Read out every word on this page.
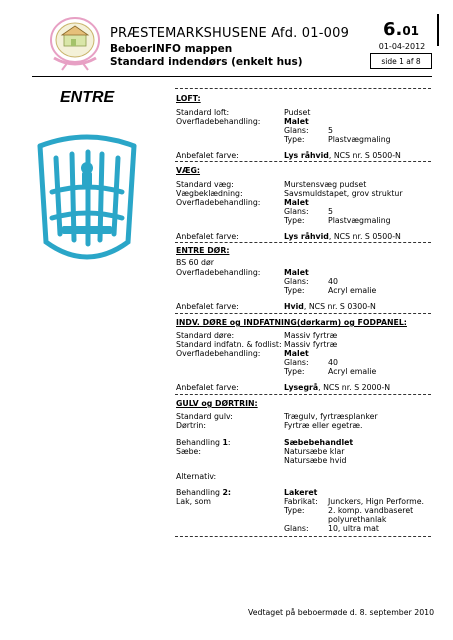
PRÆSTEMARKSHUSENE Afd. 01-009
BeboerINFO mappen
Standard indendørs (enkelt hus)
6.01
01-04-2012
side 1 af 8
ENTRE	LOFT:
Standard loft:	Pudset
Overfladebehandling:	Malet
Glans: 5
Type:	Plastvægmaling
Anbefalet farve:	Lys råhvid, NCS nr. S 0500-N
VÆG:
Standard væg:	Murstensvæg pudset
Vægbeklædning:	Savsmuldstapet, grov struktur
Overfladebehandling:	Malet
Glans: 5
Type:	Plastvægmaling
Anbefalet farve:	Lys råhvid, NCS nr. S 0500-N
ENTRE DØR:
BS 60 dør
Overfladebehandling:	Malet
Glans: 40
Type:	Acryl emalie
Anbefalet farve:	Hvid, NCS nr. S 0300-N
INDV. DØRE og INDFATNING(dørkarm) og FODPANEL:
Standard døre:	Massiv fyrtræ
Standard indfatn. & fodlist: Massiv fyrtræ
Overfladebehandling:	Malet
Glans: 40
Type:	Acryl emalie
Anbefalet farve:	Lysegrå, NCS nr. S 2000-N
GULV og DØRTRIN:
Standard gulv:	Trægulv, fyrtræsplanker
Dørtrin:	Fyrtræ eller egetræ.
Behandling 1:	Sæbebehandlet
Sæbe:	Natursæbe klar
Natursæbe hvid
Alternativ:
Behandling 2:	Lakeret
Lak, som	Fabrikat: Junckers, Hign Performe.
Type:	2. komp. vandbaseret
polyurethanlak
Glans: 10, ultra mat
Vedtaget på beboermøde d. 8. september 2010
